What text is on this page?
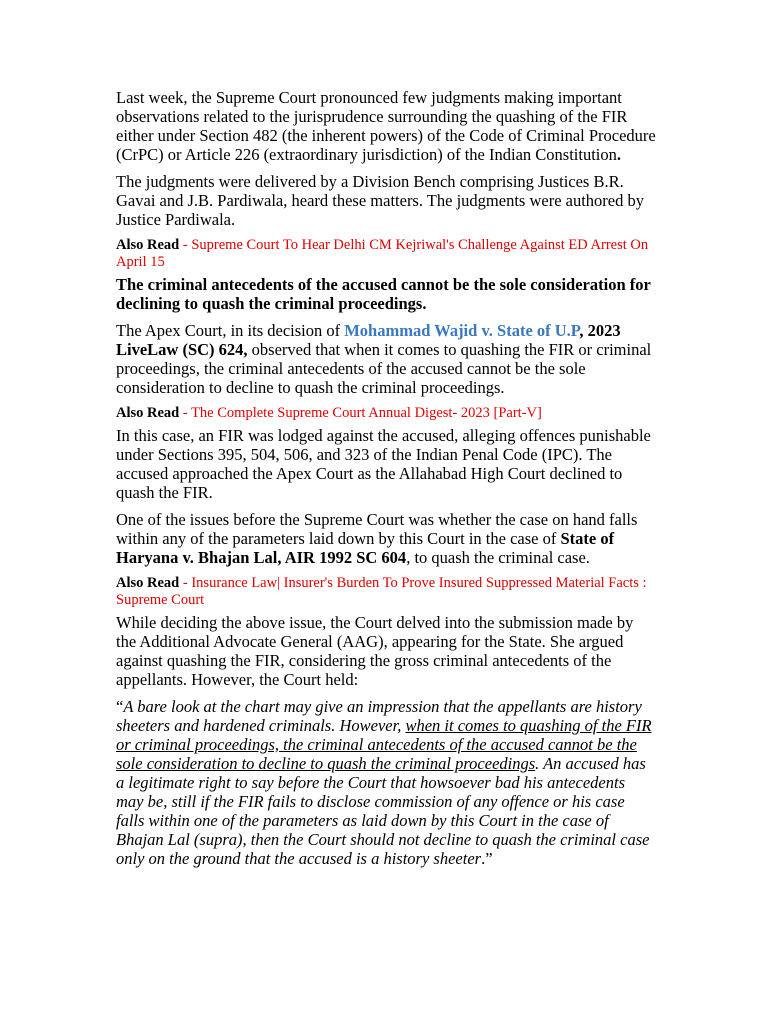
Last week, the Supreme Court pronounced few judgments making important observations related to the jurisprudence surrounding the quashing of the FIR either under Section 482 (the inherent powers) of the Code of Criminal Procedure (CrPC) or Article 226 (extraordinary jurisdiction) of the Indian Constitution.

The judgments were delivered by a Division Bench comprising Justices B.R. Gavai and J.B. Pardiwala, heard these matters. The judgments were authored by Justice Pardiwala.

Also Read - Supreme Court To Hear Delhi CM Kejriwal's Challenge Against ED Arrest On April 15

The criminal antecedents of the accused cannot be the sole consideration for declining to quash the criminal proceedings.

The Apex Court, in its decision of Mohammad Wajid v. State of U.P, 2023 LiveLaw (SC) 624, observed that when it comes to quashing the FIR or criminal proceedings, the criminal antecedents of the accused cannot be the sole consideration to decline to quash the criminal proceedings.

Also Read - The Complete Supreme Court Annual Digest- 2023 [Part-V]

In this case, an FIR was lodged against the accused, alleging offences punishable under Sections 395, 504, 506, and 323 of the Indian Penal Code (IPC). The accused approached the Apex Court as the Allahabad High Court declined to quash the FIR.

One of the issues before the Supreme Court was whether the case on hand falls within any of the parameters laid down by this Court in the case of State of Haryana v. Bhajan Lal, AIR 1992 SC 604, to quash the criminal case.

Also Read - Insurance Law| Insurer's Burden To Prove Insured Suppressed Material Facts : Supreme Court

While deciding the above issue, the Court delved into the submission made by the Additional Advocate General (AAG), appearing for the State. She argued against quashing the FIR, considering the gross criminal antecedents of the appellants. However, the Court held:

“A bare look at the chart may give an impression that the appellants are history sheeters and hardened criminals. However, when it comes to quashing of the FIR or criminal proceedings, the criminal antecedents of the accused cannot be the sole consideration to decline to quash the criminal proceedings. An accused has a legitimate right to say before the Court that howsoever bad his antecedents may be, still if the FIR fails to disclose commission of any offence or his case falls within one of the parameters as laid down by this Court in the case of Bhajan Lal (supra), then the Court should not decline to quash the criminal case only on the ground that the accused is a history sheeter.”
